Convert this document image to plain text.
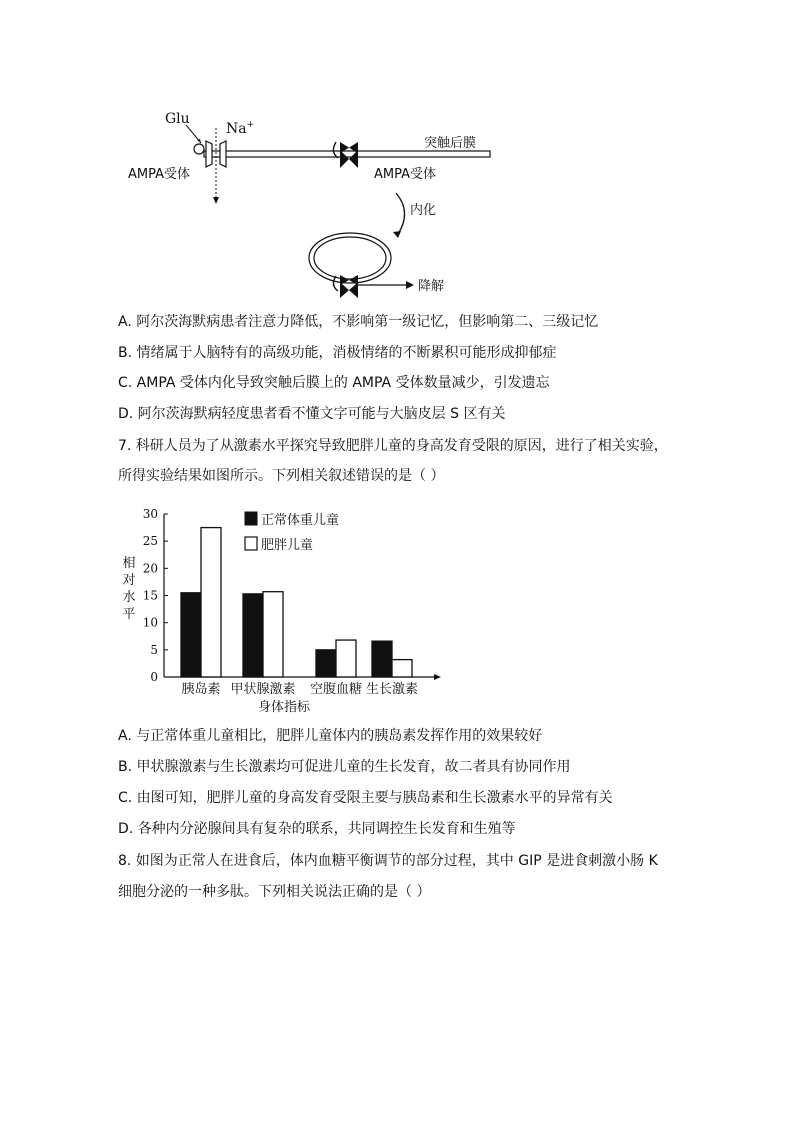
突触后膜
Glu
Na+
AMPA受体	AMPA受体
内化
降解
A. 阿尔茨海默病患者注意力降低，不影响第一级记忆，但影响第二、三级记忆
B. 情绪属于人脑特有的高级功能，消极情绪的不断累积可能形成抑郁症
C. AMPA 受体内化导致突触后膜上的 AMPA 受体数量减少，引发遗忘
D. 阿尔茨海默病轻度患者看不懂文字可能与大脑皮层 S 区有关
7. 科研人员为了从激素水平探究导致肥胖儿童的身高发育受限的原因，进行了相关实验，
所得实验结果如图所示。下列相关叙述错误的是（ ）
相
对
水
平
0
5
10
15
20
25
30
胰岛素 甲状腺激素 空腹血糖 生长激素
身体指标
正常体重儿童
肥胖儿童
A. 与正常体重儿童相比，肥胖儿童体内的胰岛素发挥作用的效果较好
B. 甲状腺激素与生长激素均可促进儿童的生长发育，故二者具有协同作用
C. 由图可知，肥胖儿童的身高发育受限主要与胰岛素和生长激素水平的异常有关
D. 各种内分泌腺间具有复杂的联系，共同调控生长发育和生殖等
8. 如图为正常人在进食后，体内血糖平衡调节的部分过程，其中 GIP 是进食刺激小肠 K
细胞分泌的一种多肽。下列相关说法正确的是（ ）
